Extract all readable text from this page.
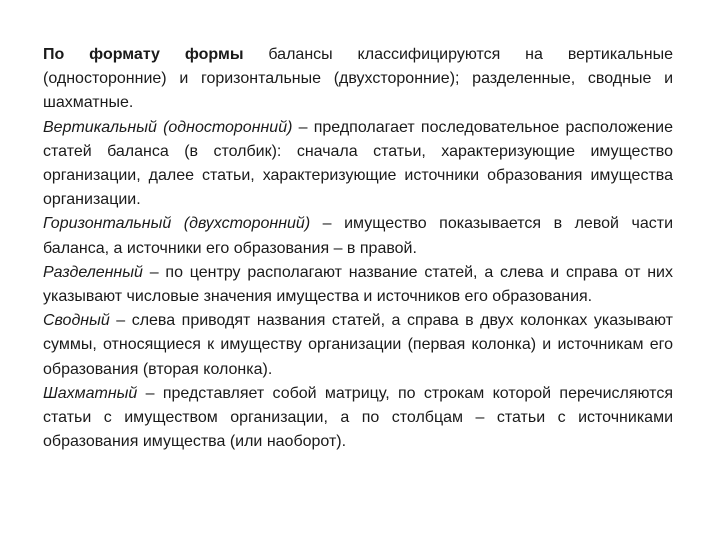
По формату формы балансы классифицируются на вертикальные (односторонние) и горизонтальные (двухсторонние); разделенные, сводные и шахматные.

Вертикальный (односторонний) – предполагает последовательное расположение статей баланса (в столбик): сначала статьи, характеризующие имущество организации, далее статьи, характеризующие источники образования имущества организации.

Горизонтальный (двухсторонний) – имущество показывается в левой части баланса, а источники его образования – в правой.

Разделенный – по центру располагают название статей, а слева и справа от них указывают числовые значения имущества и источников его образования.

Сводный – слева приводят названия статей, а справа в двух колонках указывают суммы, относящиеся к имуществу организации (первая колонка) и источникам его образования (вторая колонка).

Шахматный – представляет собой матрицу, по строкам которой перечисляются статьи с имуществом организации, а по столбцам – статьи с источниками образования имущества (или наоборот).
